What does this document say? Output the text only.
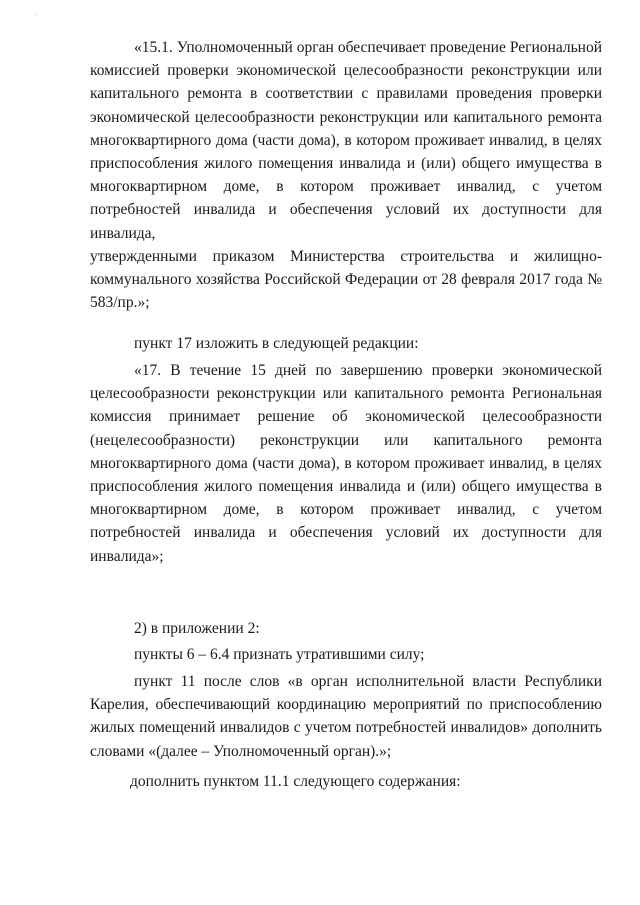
'
«15.1. Уполномоченный орган обеспечивает проведение Региональной
комиссией проверки экономической целесообразности реконструкции или
капитального ремонта в соответствии с правилами проведения проверки
экономической целесообразности реконструкции или капитального ремонта
многоквартирного дома (части дома), в котором проживает инвалид, в целях
приспособления жилого помещения инвалида и (или) общего имущества в
многоквартирном доме, в котором проживает инвалид, с учетом
потребностей инвалида и обеспечения условий их доступности для инвалида,
утвержденными приказом Министерства строительства и жилищно-
коммунального хозяйства Российской Федерации от 28 февраля 2017 года №
583/пр.»;
пункт 17 изложить в следующей редакции:
«17. В течение 15 дней по завершению проверки экономической
целесообразности реконструкции или капитального ремонта Региональная
комиссия принимает решение об экономической целесообразности
(нецелесообразности) реконструкции или капитального ремонта
многоквартирного дома (части дома), в котором проживает инвалид, в целях
приспособления жилого помещения инвалида и (или) общего имущества в
многоквартирном доме, в котором проживает инвалид, с учетом
потребностей инвалида и обеспечения условий их доступности для
инвалида»;
2) в приложении 2:
пункты 6 – 6.4 признать утратившими силу;
пункт 11 после слов «в орган исполнительной власти Республики
Карелия, обеспечивающий координацию мероприятий по приспособлению
жилых помещений инвалидов с учетом потребностей инвалидов» дополнить
словами «(далее – Уполномоченный орган).»;
дополнить пунктом 11.1 следующего содержания:
